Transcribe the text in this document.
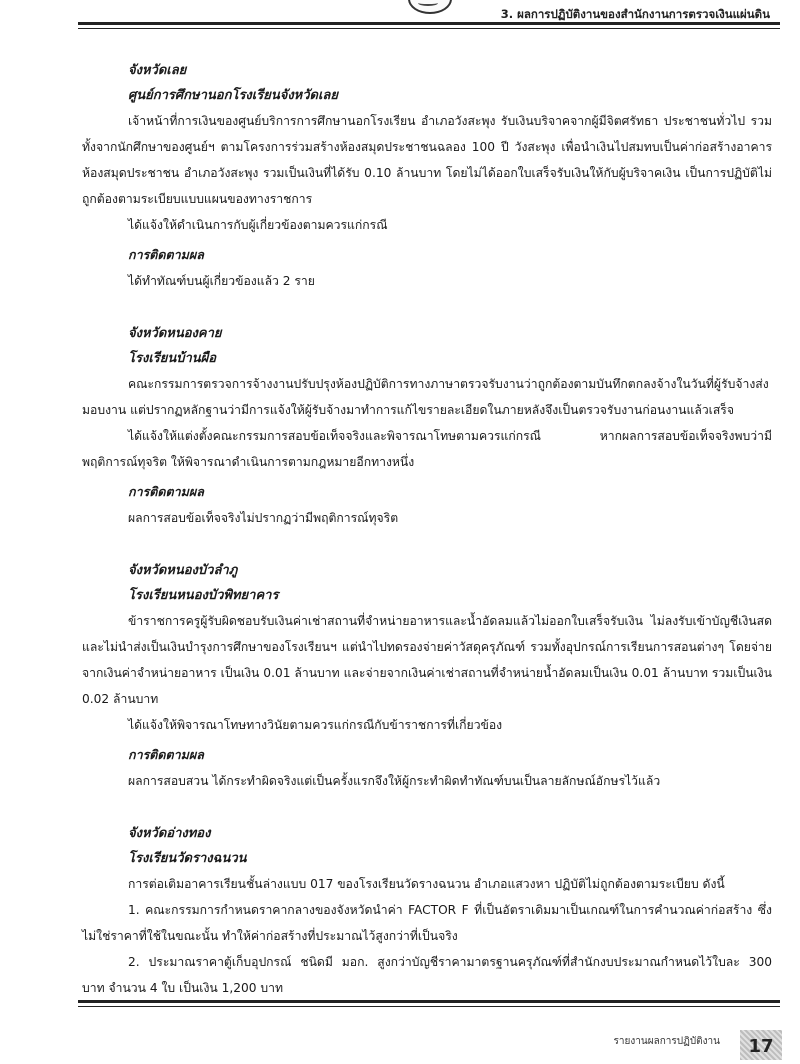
3. ผลการปฏิบัติงานของสำนักงานการตรวจเงินแผ่นดิน
จังหวัดเลย
ศูนย์การศึกษานอกโรงเรียนจังหวัดเลย

เจ้าหน้าที่การเงินของศูนย์บริการการศึกษานอกโรงเรียน อำเภอวังสะพุง รับเงินบริจาคจากผู้มีจิตศรัทธา ประชาชนทั่วไป รวมทั้งจากนักศึกษาของศูนย์ฯ ตามโครงการร่วมสร้างห้องสมุดประชาชนฉลอง 100 ปี วังสะพุง เพื่อนำเงินไปสมทบเป็นค่าก่อสร้างอาคารห้องสมุดประชาชน อำเภอวังสะพุง รวมเป็นเงินที่ได้รับ 0.10 ล้านบาท โดยไม่ได้ออกใบเสร็จรับเงินให้กับผู้บริจาคเงิน เป็นการปฏิบัติไม่ถูกต้องตามระเบียบแบบแผนของทางราชการ

ได้แจ้งให้ดำเนินการกับผู้เกี่ยวข้องตามควรแก่กรณี

การติดตามผล

ได้ทำทัณฑ์บนผู้เกี่ยวข้องแล้ว 2 ราย

จังหวัดหนองคาย
โรงเรียนบ้านผือ

คณะกรรมการตรวจการจ้างงานปรับปรุงห้องปฏิบัติการทางภาษาตรวจรับงานว่าถูกต้องตามบันทึกตกลงจ้างในวันที่ผู้รับจ้างส่งมอบงาน แต่ปรากฏหลักฐานว่ามีการแจ้งให้ผู้รับจ้างมาทำการแก้ไขรายละเอียดในภายหลังจึงเป็นตรวจรับงานก่อนงานแล้วเสร็จ

ได้แจ้งให้แต่งตั้งคณะกรรมการสอบข้อเท็จจริงและพิจารณาโทษตามควรแก่กรณี หากผลการสอบข้อเท็จจริงพบว่ามีพฤติการณ์ทุจริต ให้พิจารณาดำเนินการตามกฎหมายอีกทางหนึ่ง

การติดตามผล

ผลการสอบข้อเท็จจริงไม่ปรากฏว่ามีพฤติการณ์ทุจริต

จังหวัดหนองบัวลำภู
โรงเรียนหนองบัวพิทยาคาร

ข้าราชการครูผู้รับผิดชอบรับเงินค่าเช่าสถานที่จำหน่ายอาหารและน้ำอัดลมแล้วไม่ออกใบเสร็จรับเงิน ไม่ลงรับเข้าบัญชีเงินสดและไม่นำส่งเป็นเงินบำรุงการศึกษาของโรงเรียนฯ แต่นำไปทดรองจ่ายค่าวัสดุครุภัณฑ์ รวมทั้งอุปกรณ์การเรียนการสอนต่างๆ โดยจ่ายจากเงินค่าจำหน่ายอาหาร เป็นเงิน 0.01 ล้านบาท และจ่ายจากเงินค่าเช่าสถานที่จำหน่ายน้ำอัดลมเป็นเงิน 0.01 ล้านบาท รวมเป็นเงิน 0.02 ล้านบาท

ได้แจ้งให้พิจารณาโทษทางวินัยตามควรแก่กรณีกับข้าราชการที่เกี่ยวข้อง

การติดตามผล

ผลการสอบสวน ได้กระทำผิดจริงแต่เป็นครั้งแรกจึงให้ผู้กระทำผิดทำทัณฑ์บนเป็นลายลักษณ์อักษรไว้แล้ว

จังหวัดอ่างทอง
โรงเรียนวัดรางฉนวน

การต่อเติมอาคารเรียนชั้นล่างแบบ 017 ของโรงเรียนวัดรางฉนวน อำเภอแสวงหา ปฏิบัติไม่ถูกต้องตามระเบียบ ดังนี้

1. คณะกรรมการกำหนดราคากลางของจังหวัดนำค่า FACTOR F ที่เป็นอัตราเดิมมาเป็นเกณฑ์ในการคำนวณค่าก่อสร้าง ซึ่งไม่ใช่ราคาที่ใช้ในขณะนั้น ทำให้ค่าก่อสร้างที่ประมาณไว้สูงกว่าที่เป็นจริง

2. ประมาณราคาตู้เก็บอุปกรณ์ ชนิดมี มอก. สูงกว่าบัญชีราคามาตรฐานครุภัณฑ์ที่สำนักงบประมาณกำหนดไว้ใบละ 300 บาท จำนวน 4 ใบ เป็นเงิน 1,200 บาท

รายงานผลการปฏิบัติงาน	17
